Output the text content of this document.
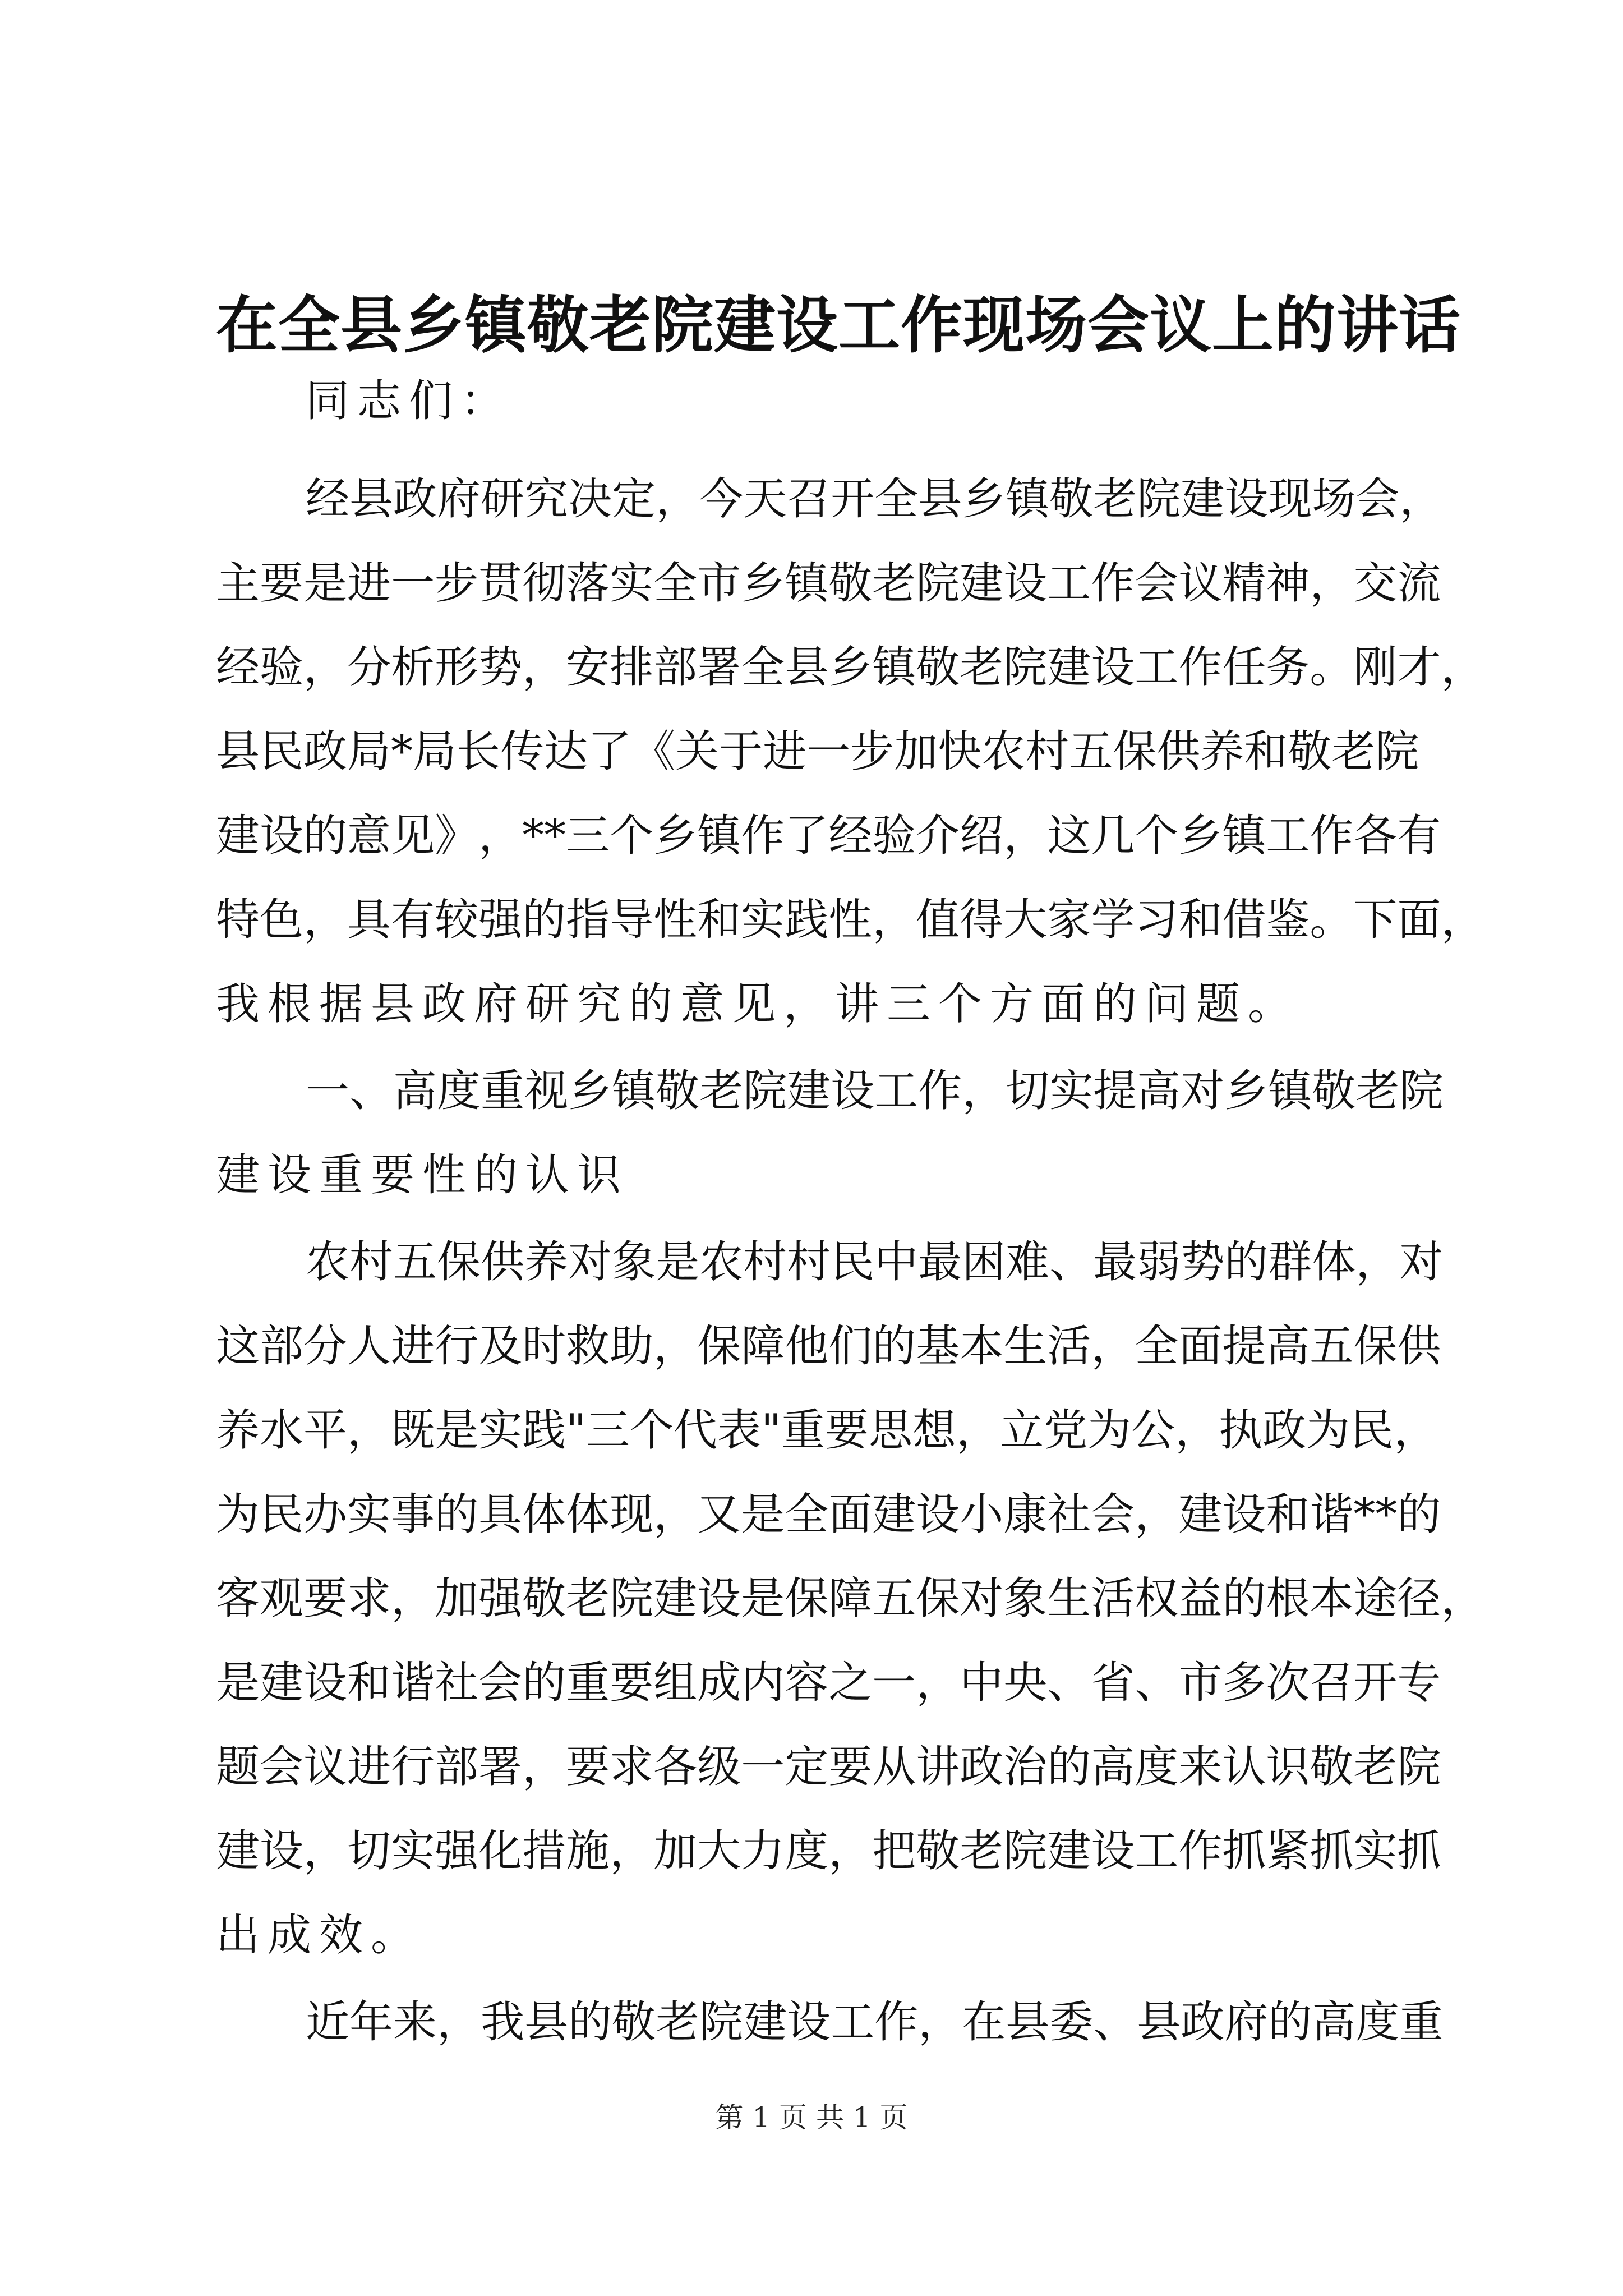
在全县乡镇敬老院建设工作现场会议上的讲话
同志们：
经 县 政 府 研 究 决 定 ， 今 天 召 开 全 县 乡 镇 敬 老 院 建 设 现 场 会 ，
主 要 是 进 一 步 贯 彻 落 实 全 市 乡 镇 敬 老 院 建 设 工 作 会 议 精 神 ， 交 流
经 验 ， 分 析 形 势 ， 安 排 部 署 全 县 乡 镇 敬 老 院 建 设 工 作 任 务 。 刚 才 ，
县 民 政 局 * 局 长 传 达 了 《 关 于 进 一 步 加 快 农 村 五 保 供 养 和 敬 老 院
建 设 的 意 见 》 ， * * 三 个 乡 镇 作 了 经 验 介 绍 ， 这 几 个 乡 镇 工 作 各 有
特 色 ， 具 有 较 强 的 指 导 性 和 实 践 性 ， 值 得 大 家 学 习 和 借 鉴 。 下 面 ，
我根据县政府研究的意见，讲三个方面的问题。
一 、 高 度 重 视 乡 镇 敬 老 院 建 设 工 作 ， 切 实 提 高 对 乡 镇 敬 老 院
建设重要性的认识
农 村 五 保 供 养 对 象 是 农 村 村 民 中 最 困 难 、 最 弱 势 的 群 体 ， 对
这 部 分 人 进 行 及 时 救 助 ， 保 障 他 们 的 基 本 生 活 ， 全 面 提 高 五 保 供
养 水 平 ， 既 是 实 践 " 三 个 代 表 " 重 要 思 想 ， 立 党 为 公 ， 执 政 为 民 ，
为 民 办 实 事 的 具 体 体 现 ， 又 是 全 面 建 设 小 康 社 会 ， 建 设 和 谐 * * 的
客 观 要 求 ， 加 强 敬 老 院 建 设 是 保 障 五 保 对 象 生 活 权 益 的 根 本 途 径 ，
是 建 设 和 谐 社 会 的 重 要 组 成 内 容 之 一 ， 中 央 、 省 、 市 多 次 召 开 专
题 会 议 进 行 部 署 ， 要 求 各 级 一 定 要 从 讲 政 治 的 高 度 来 认 识 敬 老 院
建 设 ， 切 实 强 化 措 施 ， 加 大 力 度 ， 把 敬 老 院 建 设 工 作 抓 紧 抓 实 抓
出成效。
近 年 来 ， 我 县 的 敬 老 院 建 设 工 作 ， 在 县 委 、 县 政 府 的 高 度 重
第 1 页 共 1 页
